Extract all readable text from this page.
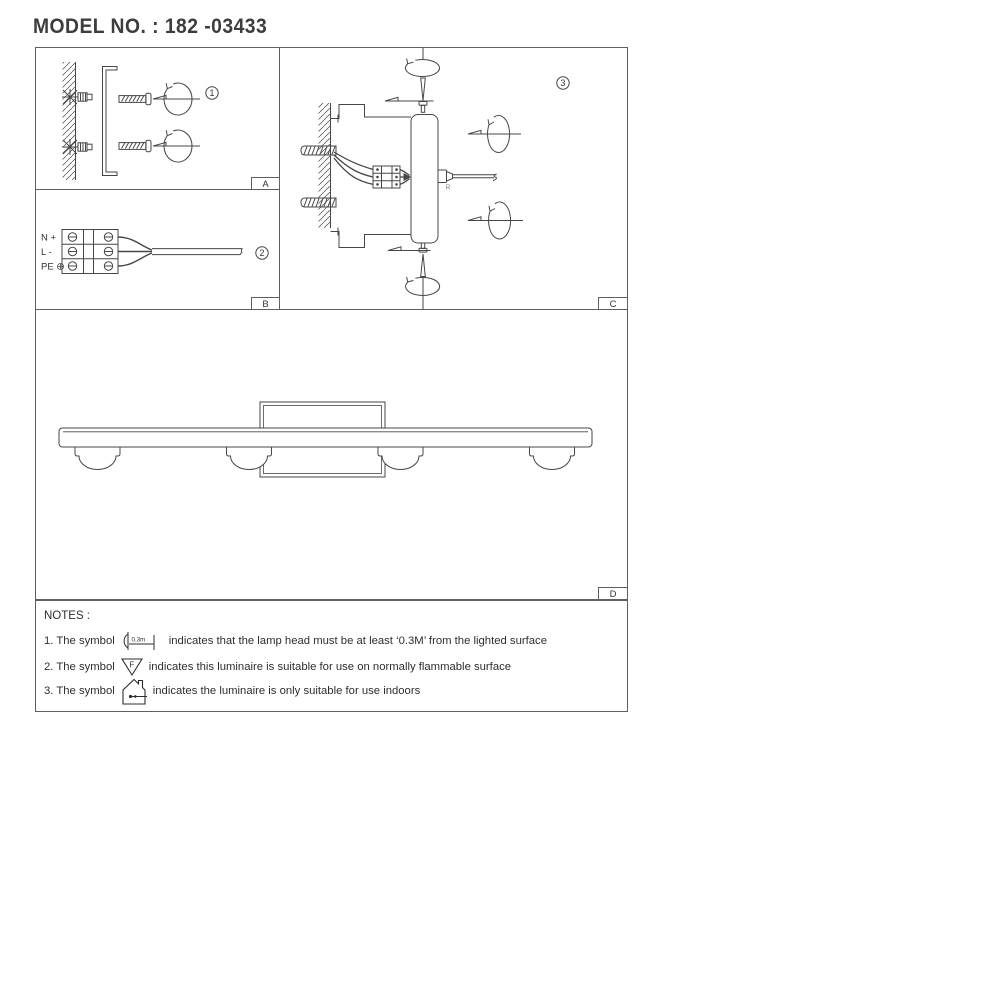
MODEL NO. : 182 -03433
1
A
N +
L -
PE
2
B
R
3
C
D
NOTES :
1. The symbol	0.3m indicates that the lamp head must be at least ‘0.3M’ from the lighted surface
2. The symbol F indicates this luminaire is suitable for use on normally flammable surface
3. The symbol	indicates the luminaire is only suitable for use indoors
